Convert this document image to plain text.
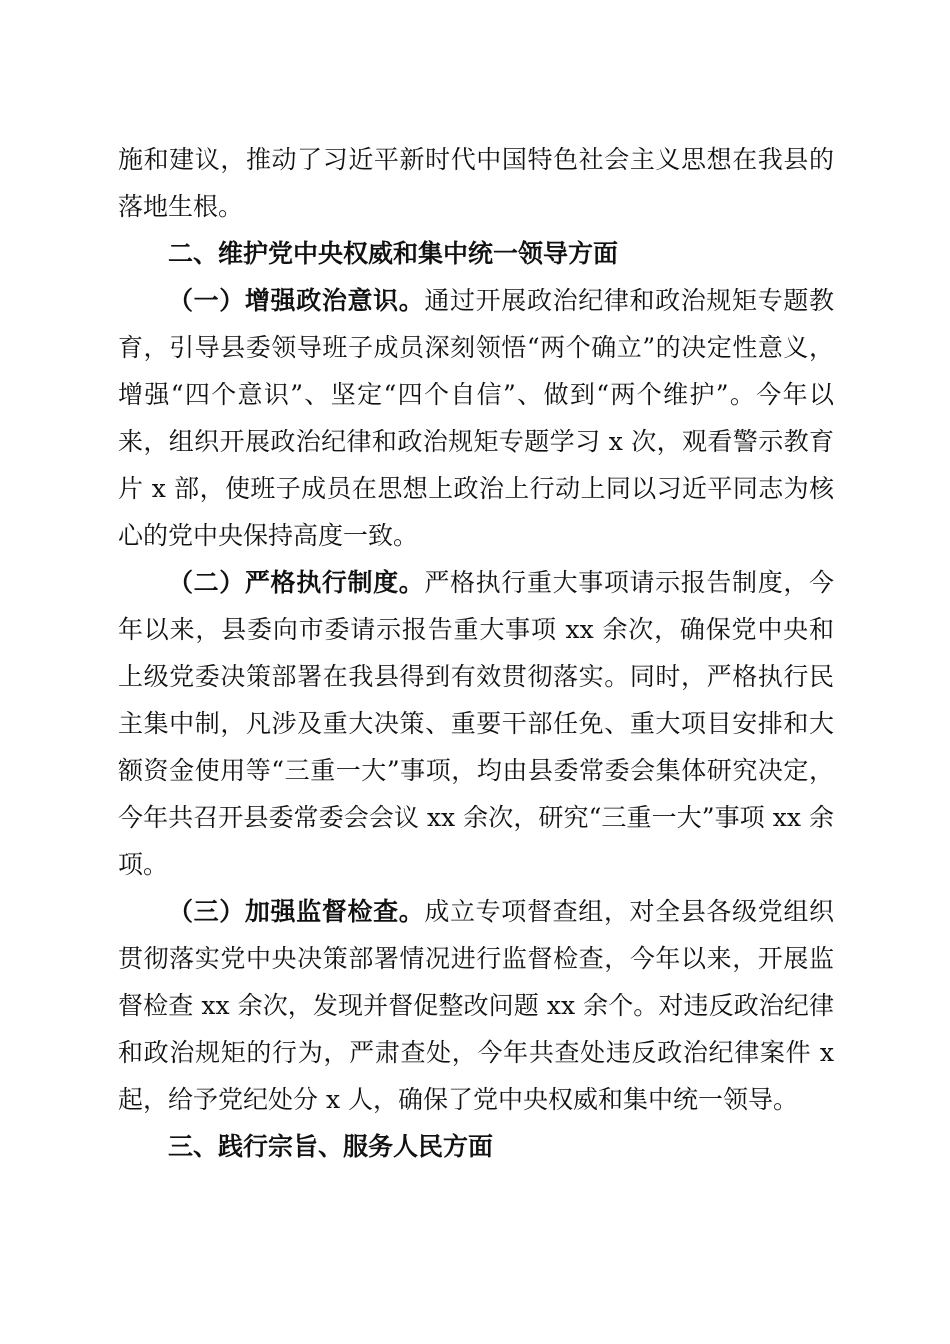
施和建议，推动了习近平新时代中国特色社会主义思想在我县的落地生根。

二、维护党中央权威和集中统一领导方面

（一）增强政治意识。通过开展政治纪律和政治规矩专题教育，引导县委领导班子成员深刻领悟“两个确立”的决定性意义，增强“四个意识”、坚定“四个自信”、做到“两个维护”。今年以来，组织开展政治纪律和政治规矩专题学习 x 次，观看警示教育片 x 部，使班子成员在思想上政治上行动上同以习近平同志为核心的党中央保持高度一致。

（二）严格执行制度。严格执行重大事项请示报告制度，今年以来，县委向市委请示报告重大事项 xx 余次，确保党中央和上级党委决策部署在我县得到有效贯彻落实。同时，严格执行民主集中制，凡涉及重大决策、重要干部任免、重大项目安排和大额资金使用等“三重一大”事项，均由县委常委会集体研究决定，今年共召开县委常委会会议 xx 余次，研究“三重一大”事项 xx 余项。

（三）加强监督检查。成立专项督查组，对全县各级党组织贯彻落实党中央决策部署情况进行监督检查，今年以来，开展监督检查 xx 余次，发现并督促整改问题 xx 余个。对违反政治纪律和政治规矩的行为，严肃查处，今年共查处违反政治纪律案件 x 起，给予党纪处分 x 人，确保了党中央权威和集中统一领导。

三、践行宗旨、服务人民方面
